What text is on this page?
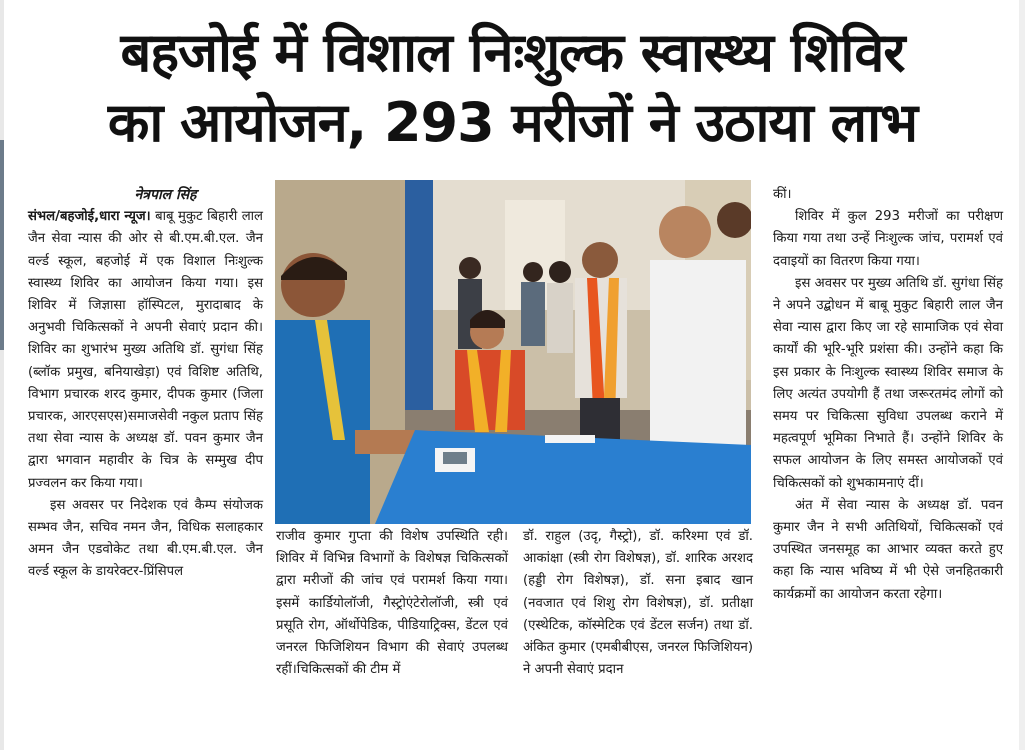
बहजोई में विशाल निःशुल्क स्वास्थ्य शिविर
का आयोजन, 293 मरीजों ने उठाया लाभ

नेत्रपाल सिंह

संभल/बहजोई,धारा न्यूज। बाबू मुकुट बिहारी लाल जैन सेवा न्यास की ओर से बी.एम.बी.एल. जैन वर्ल्ड स्कूल, बहजोई में एक विशाल निःशुल्क स्वास्थ्य शिविर का आयोजन किया गया। इस शिविर में जिज्ञासा हॉस्पिटल, मुरादाबाद के अनुभवी चिकित्सकों ने अपनी सेवाएं प्रदान की। शिविर का शुभारंभ मुख्य अतिथि डॉ. सुगंधा सिंह (ब्लॉक प्रमुख, बनियाखेड़ा) एवं विशिष्ट अतिथि, विभाग प्रचारक शरद कुमार, दीपक कुमार (जिला प्रचारक, आरएसएस)समाजसेवी नकुल प्रताप सिंह तथा सेवा न्यास के अध्यक्ष डॉ. पवन कुमार जैन द्वारा भगवान महावीर के चित्र के सम्मुख दीप प्रज्वलन कर किया गया।

इस अवसर पर निदेशक एवं कैम्प संयोजक सम्भव जैन, सचिव नमन जैन, विधिक सलाहकार अमन जैन एडवोकेट तथा बी.एम.बी.एल. जैन वर्ल्ड स्कूल के डायरेक्टर-प्रिंसिपल

राजीव कुमार गुप्ता की विशेष उपस्थिति रही।शिविर में विभिन्न विभागों के विशेषज्ञ चिकित्सकों द्वारा मरीजों की जांच एवं परामर्श किया गया। इसमें कार्डियोलॉजी, गैस्ट्रोएंटेरोलॉजी, स्त्री एवं प्रसूति रोग, ऑर्थोपेडिक, पीडियाट्रिक्स, डेंटल एवं जनरल फिजिशियन विभाग की सेवाएं उपलब्ध रहीं।चिकित्सकों की टीम में

डॉ. राहुल (उदृ, गैस्ट्रो), डॉ. करिश्मा एवं डॉ. आकांक्षा (स्त्री रोग विशेषज्ञ), डॉ. शारिक अरशद (हड्डी रोग विशेषज्ञ), डॉ. सना इबाद खान (नवजात एवं शिशु रोग विशेषज्ञ), डॉ. प्रतीक्षा (एस्थेटिक, कॉस्मेटिक एवं डेंटल सर्जन) तथा डॉ. अंकित कुमार (एमबीबीएस, जनरल फिजिशियन) ने अपनी सेवाएं प्रदान

कीं।

शिविर में कुल 293 मरीजों का परीक्षण किया गया तथा उन्हें निःशुल्क जांच, परामर्श एवं दवाइयों का वितरण किया गया।

इस अवसर पर मुख्य अतिथि डॉ. सुगंधा सिंह ने अपने उद्बोधन में बाबू मुकुट बिहारी लाल जैन सेवा न्यास द्वारा किए जा रहे सामाजिक एवं सेवा कार्यों की भूरि-भूरि प्रशंसा की। उन्होंने कहा कि इस प्रकार के निःशुल्क स्वास्थ्य शिविर समाज के लिए अत्यंत उपयोगी हैं तथा जरूरतमंद लोगों को समय पर चिकित्सा सुविधा उपलब्ध कराने में महत्वपूर्ण भूमिका निभाते हैं। उन्होंने शिविर के सफल आयोजन के लिए समस्त आयोजकों एवं चिकित्सकों को शुभकामनाएं दीं।

अंत में सेवा न्यास के अध्यक्ष डॉ. पवन कुमार जैन ने सभी अतिथियों, चिकित्सकों एवं उपस्थित जनसमूह का आभार व्यक्त करते हुए कहा कि न्यास भविष्य में भी ऐसे जनहितकारी कार्यक्रमों का आयोजन करता रहेगा।
